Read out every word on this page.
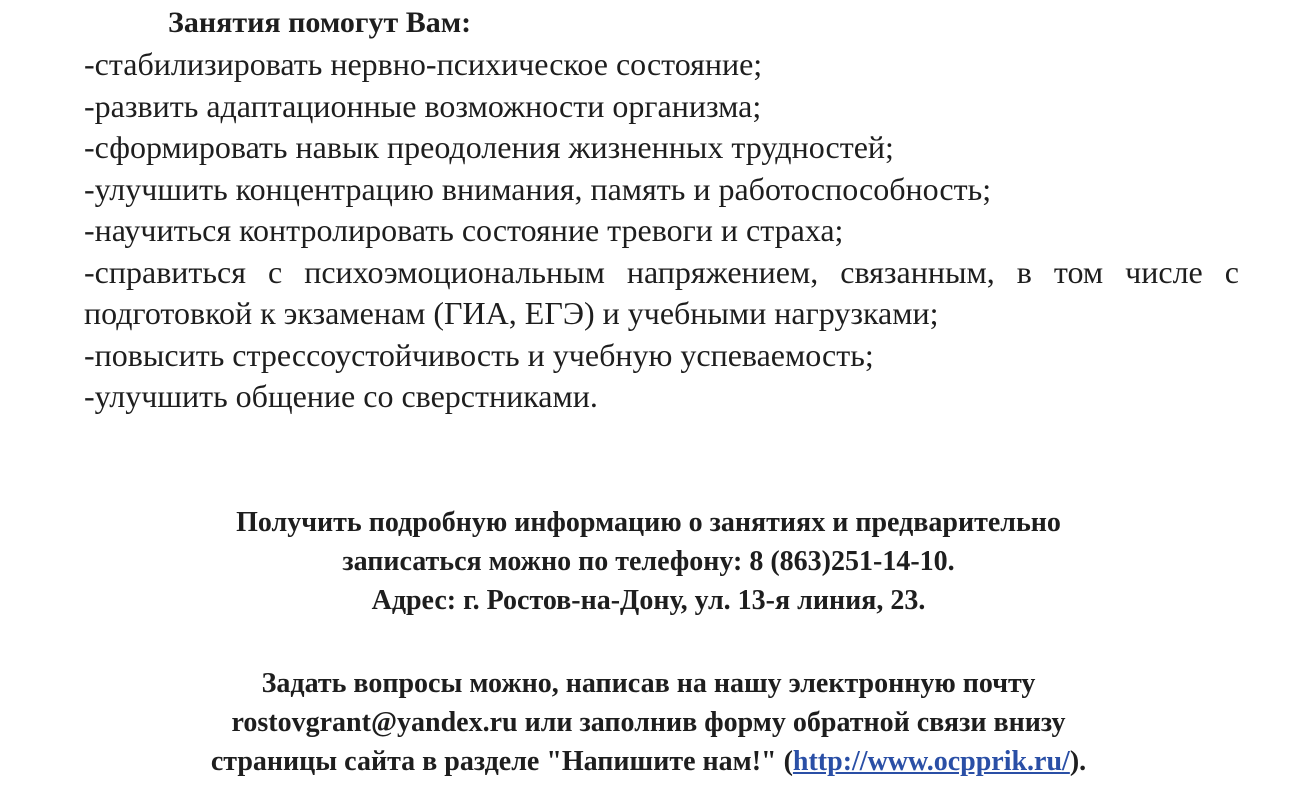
Занятия помогут Вам:
-стабилизировать нервно-психическое состояние;
-развить адаптационные возможности организма;
-сформировать навык преодоления жизненных трудностей;
-улучшить концентрацию внимания, память и работоспособность;
-научиться контролировать состояние тревоги и страха;
-справиться с психоэмоциональным напряжением, связанным, в том числе с подготовкой к экзаменам (ГИА, ЕГЭ) и учебными нагрузками;
-повысить стрессоустойчивость и учебную успеваемость;
-улучшить общение со сверстниками.
Получить подробную информацию о занятиях и предварительно
записаться можно по телефону: 8 (863)251-14-10.
Адрес: г. Ростов-на-Дону, ул. 13-я линия, 23.
Задать вопросы можно, написав на нашу электронную почту
rostovgrant@yandex.ru или заполнив форму обратной связи внизу
страницы сайта в разделе "Напишите нам!" (http://www.ocpprik.ru/).
